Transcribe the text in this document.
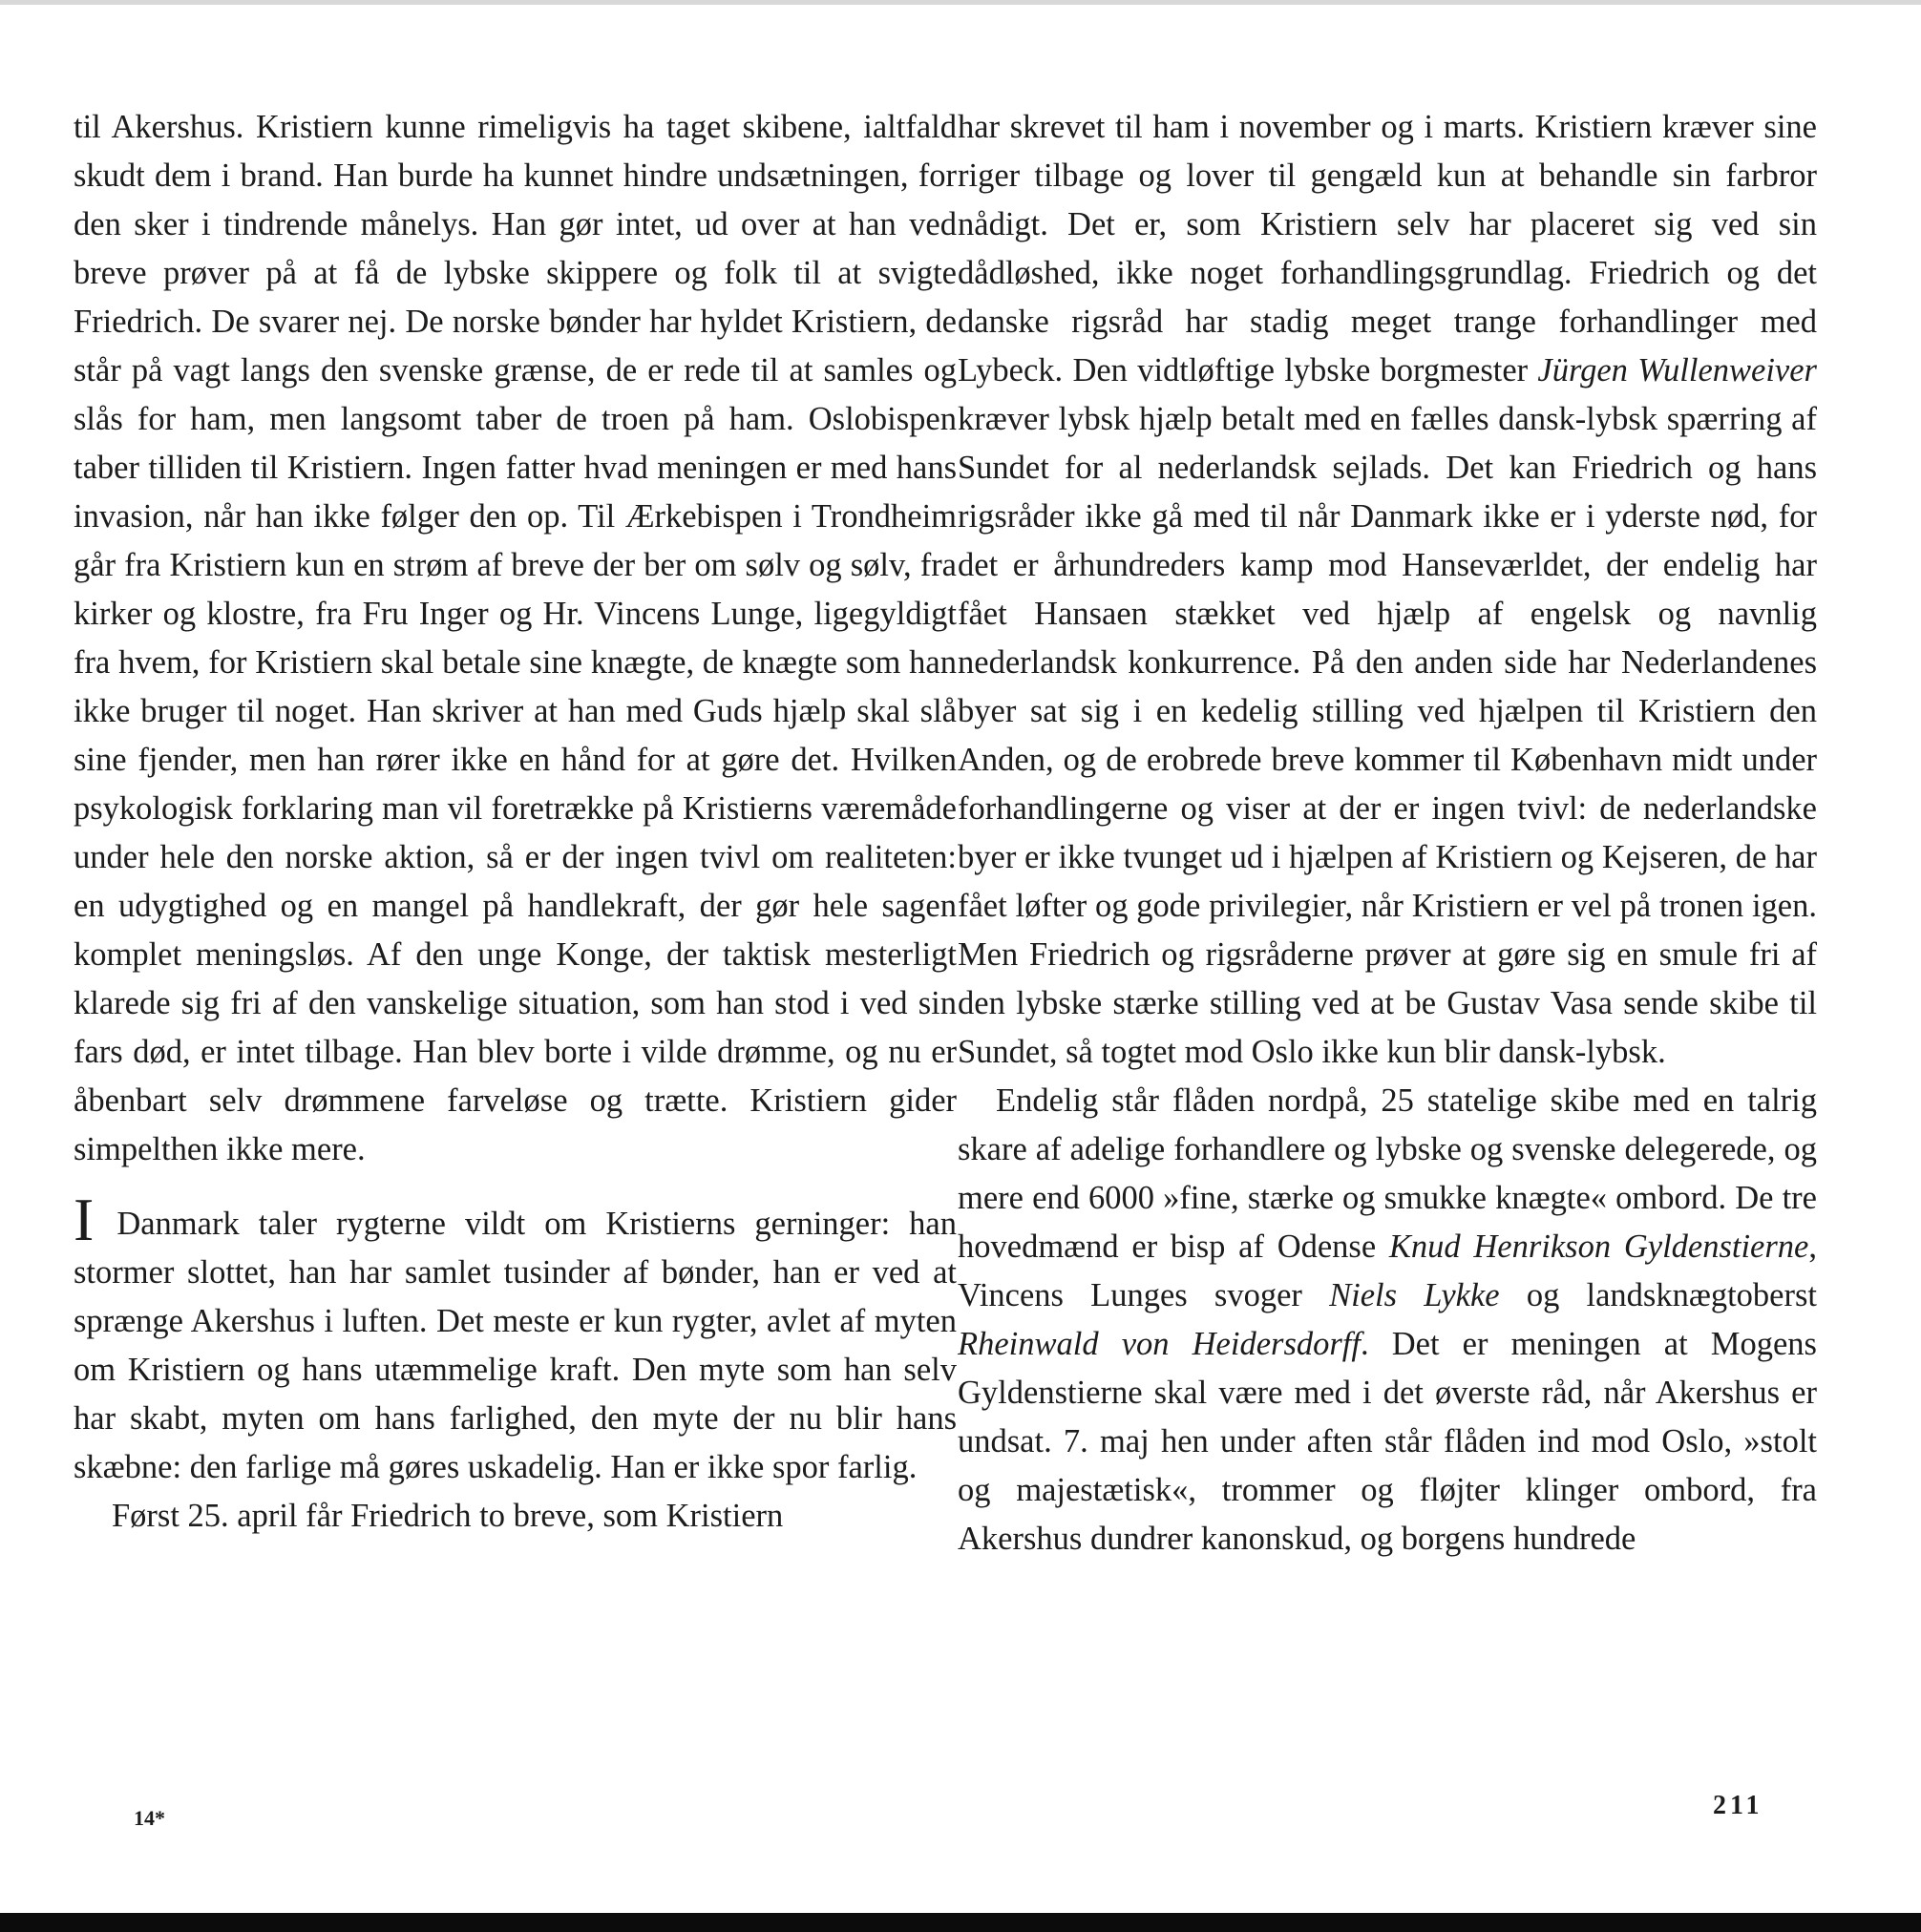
til Akershus. Kristiern kunne rimeligvis ha taget skibene, ialtfald skudt dem i brand. Han burde ha kunnet hindre undsætningen, for den sker i tindrende månelys. Han gør intet, ud over at han ved breve prøver på at få de lybske skippere og folk til at svigte Friedrich. De svarer nej. De norske bønder har hyldet Kristiern, de står på vagt langs den svenske grænse, de er rede til at samles og slås for ham, men langsomt taber de troen på ham. Oslobispen taber tilliden til Kristiern. Ingen fatter hvad meningen er med hans invasion, når han ikke følger den op. Til Ærkebispen i Trondheim går fra Kristiern kun en strøm af breve der ber om sølv og sølv, fra kirker og klostre, fra Fru Inger og Hr. Vincens Lunge, ligegyldigt fra hvem, for Kristiern skal betale sine knægte, de knægte som han ikke bruger til noget. Han skriver at han med Guds hjælp skal slå sine fjender, men han rører ikke en hånd for at gøre det. Hvilken psykologisk forklaring man vil foretrække på Kristierns væremåde under hele den norske aktion, så er der ingen tvivl om realiteten: en udygtighed og en mangel på handlekraft, der gør hele sagen komplet meningsløs. Af den unge Konge, der taktisk mesterligt klarede sig fri af den vanskelige situation, som han stod i ved sin fars død, er intet tilbage. Han blev borte i vilde drømme, og nu er åbenbart selv drømmene farveløse og trætte. Kristiern gider simpelthen ikke mere.

I Danmark taler rygterne vildt om Kristierns gerninger: han stormer slottet, han har samlet tusinder af bønder, han er ved at sprænge Akershus i luften. Det meste er kun rygter, avlet af myten om Kristiern og hans utæmmelige kraft. Den myte som han selv har skabt, myten om hans farlighed, den myte der nu blir hans skæbne: den farlige må gøres uskadelig. Han er ikke spor farlig.

Først 25. april får Friedrich to breve, som Kristiern

har skrevet til ham i november og i marts. Kristiern kræver sine riger tilbage og lover til gengæld kun at behandle sin farbror nådigt. Det er, som Kristiern selv har placeret sig ved sin dådløshed, ikke noget forhandlingsgrundlag. Friedrich og det danske rigsråd har stadig meget trange forhandlinger med Lybeck. Den vidtløftige lybske borgmester Jürgen Wullenweiver kræver lybsk hjælp betalt med en fælles dansk-lybsk spærring af Sundet for al nederlandsk sejlads. Det kan Friedrich og hans rigsråder ikke gå med til når Danmark ikke er i yderste nød, for det er århundreders kamp mod Hanseværldet, der endelig har fået Hansaen stækket ved hjælp af engelsk og navnlig nederlandsk konkurrence. På den anden side har Nederlandenes byer sat sig i en kedelig stilling ved hjælpen til Kristiern den Anden, og de erobrede breve kommer til København midt under forhandlingerne og viser at der er ingen tvivl: de nederlandske byer er ikke tvunget ud i hjælpen af Kristiern og Kejseren, de har fået løfter og gode privilegier, når Kristiern er vel på tronen igen. Men Friedrich og rigsråderne prøver at gøre sig en smule fri af den lybske stærke stilling ved at be Gustav Vasa sende skibe til Sundet, så togtet mod Oslo ikke kun blir dansk-lybsk.

Endelig står flåden nordpå, 25 statelige skibe med en talrig skare af adelige forhandlere og lybske og svenske delegerede, og mere end 6000 »fine, stærke og smukke knægte« ombord. De tre hovedmænd er bisp af Odense Knud Henrikson Gyldenstierne, Vincens Lunges svoger Niels Lykke og landsknægtoberst Rheinwald von Heidersdorff. Det er meningen at Mogens Gyldenstierne skal være med i det øverste råd, når Akershus er undsat. 7. maj hen under aften står flåden ind mod Oslo, »stolt og majestætisk«, trommer og fløjter klinger ombord, fra Akershus dundrer kanonskud, og borgens hundrede

14*	211
